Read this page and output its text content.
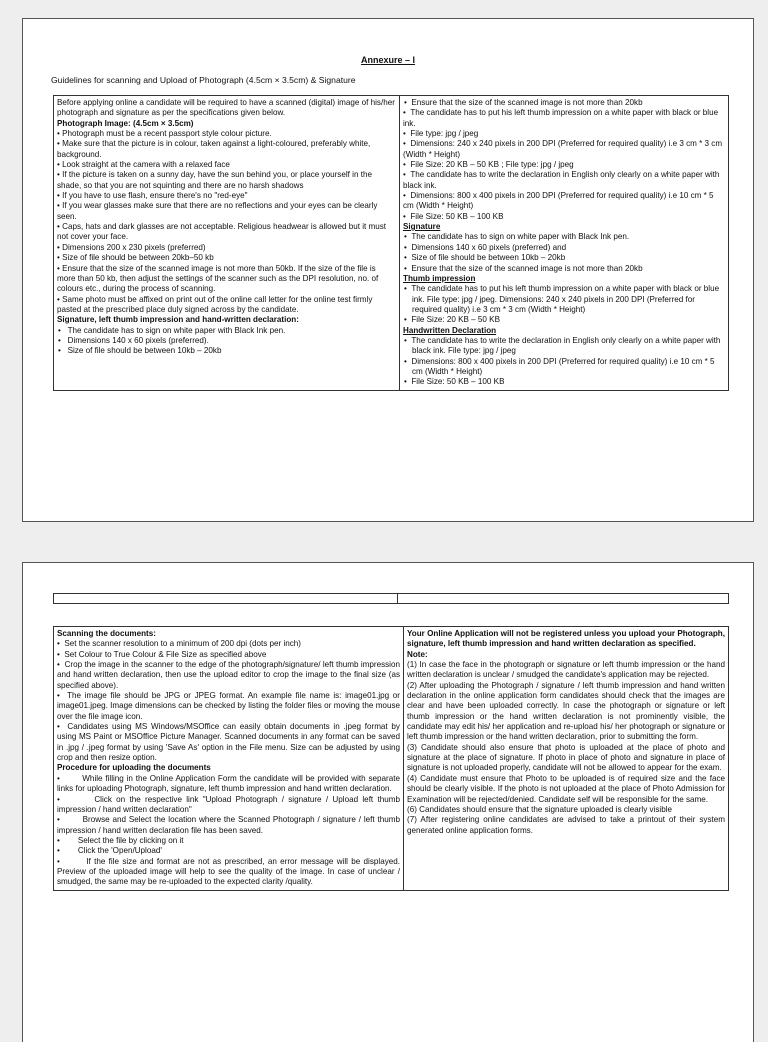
Annexure – I
Guidelines for scanning and Upload of Photograph (4.5cm × 3.5cm) & Signature
Before applying online a candidate will be required to have a scanned (digital) image of his/her photograph and signature as per the specifications given below.
Photograph Image: (4.5cm × 3.5cm)
• Photograph must be a recent passport style colour picture.
• Make sure that the picture is in colour, taken against a light-coloured, preferably white, background.
• Look straight at the camera with a relaxed face
• If the picture is taken on a sunny day, have the sun behind you, or place yourself in the shade, so that you are not squinting and there are no harsh shadows
• If you have to use flash, ensure there's no "red-eye"
• If you wear glasses make sure that there are no reflections and your eyes can be clearly seen.
• Caps, hats and dark glasses are not acceptable. Religious headwear is allowed but it must not cover your face.
• Dimensions 200 x 230 pixels (preferred)
• Size of file should be between 20kb–50 kb
• Ensure that the size of the scanned image is not more than 50kb. If the size of the file is more than 50 kb, then adjust the settings of the scanner such as the DPI resolution, no. of colours etc., during the process of scanning.
• Same photo must be affixed on print out of the online call letter for the online test firmly pasted at the prescribed place duly signed across by the candidate.
Signature, left thumb impression and hand-written declaration:
•   The candidate has to sign on white paper with Black Ink pen.
•   Dimensions 140 x 60 pixels (preferred).
•   Size of file should be between 10kb – 20kb

•  Ensure that the size of the scanned image is not more than 20kb
•  The candidate has to put his left thumb impression on a white paper with black or blue ink.
•  File type: jpg / jpeg
•  Dimensions: 240 x 240 pixels in 200 DPI (Preferred for required quality) i.e 3 cm * 3 cm (Width * Height)
•  File Size: 20 KB – 50 KB ; File type: jpg / jpeg
•  The candidate has to write the declaration in English only clearly on a white paper with black ink.
•  Dimensions: 800 x 400 pixels in 200 DPI (Preferred for required quality) i.e 10 cm * 5 cm (Width * Height)
•  File Size: 50 KB – 100 KB
Signature
•  The candidate has to sign on white paper with Black Ink pen.
•  Dimensions 140 x 60 pixels (preferred) and
•  Size of file should be between 10kb – 20kb
•  Ensure that the size of the scanned image is not more than 20kb
Thumb impression
•  The candidate has to put his left thumb impression on a white paper with black or blue ink. File type: jpg / jpeg. Dimensions: 240 x 240 pixels in 200 DPI (Preferred for required quality) i.e 3 cm * 3 cm (Width * Height)
•  File Size: 20 KB – 50 KB
Handwritten Declaration
•  The candidate has to write the declaration in English only clearly on a white paper with black ink. File type: jpg / jpeg
•  Dimensions: 800 x 400 pixels in 200 DPI (Preferred for required quality) i.e 10 cm * 5 cm (Width * Height)
•  File Size: 50 KB – 100 KB

Scanning the documents:
•  Set the scanner resolution to a minimum of 200 dpi (dots per inch)
•  Set Colour to True Colour & File Size as specified above
•  Crop the image in the scanner to the edge of the photograph/signature/ left thumb impression and hand written declaration, then use the upload editor to crop the image to the final size (as specified above).
•  The image file should be JPG or JPEG format. An example file name is: image01.jpg or image01.jpeg. Image dimensions can be checked by listing the folder files or moving the mouse over the file image icon.
•  Candidates using MS Windows/MSOffice can easily obtain documents in .jpeg format by using MS Paint or MSOffice Picture Manager. Scanned documents in any format can be saved in .jpg / .jpeg format by using 'Save As' option in the File menu. Size can be adjusted by using crop and then resize option.
Procedure for uploading the documents
•        While filling in the Online Application Form the candidate will be provided with separate links for uploading Photograph, signature, left thumb impression and hand written declaration.
•        Click on the respective link "Upload Photograph / signature / Upload left thumb impression / hand written declaration"
•        Browse and Select the location where the Scanned Photograph / signature / left thumb impression / hand written declaration file has been saved.
•        Select the file by clicking on it
•        Click the 'Open/Upload'
•        If the file size and format are not as prescribed, an error message will be displayed. Preview of the uploaded image will help to see the quality of the image. In case of unclear / smudged, the same may be re-uploaded to the expected clarity /quality.

Your Online Application will not be registered unless you upload your Photograph, signature, left thumb impression and hand written declaration as specified.
Note:
(1) In case the face in the photograph or signature or left thumb impression or the hand written declaration is unclear / smudged the candidate's application may be rejected.
(2) After uploading the Photograph / signature / left thumb impression and hand written declaration in the online application form candidates should check that the images are clear and have been uploaded correctly. In case the photograph or signature or left thumb impression or the hand written declaration is not prominently visible, the candidate may edit his/ her application and re-upload his/ her photograph or signature or left thumb impression or the hand written declaration, prior to submitting the form.
(3) Candidate should also ensure that photo is uploaded at the place of photo and signature at the place of signature. If photo in place of photo and signature in place of signature is not uploaded properly, candidate will not be allowed to appear for the exam.
(4) Candidate must ensure that Photo to be uploaded is of required size and the face should be clearly visible. If the photo is not uploaded at the place of Photo Admission for Examination will be rejected/denied. Candidate self will be responsible for the same.
(6) Candidates should ensure that the signature uploaded is clearly visible
(7) After registering online candidates are advised to take a printout of their system generated online application forms.
